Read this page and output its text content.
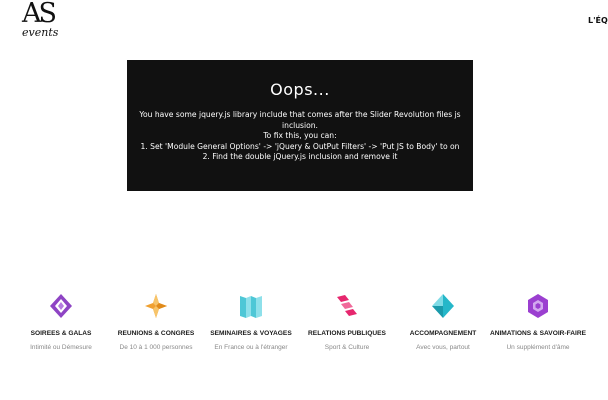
AS
events
L'ÉQ
Oops...
You have some jquery.js library include that comes after the Slider Revolution files js
inclusion.
To fix this, you can:
1. Set 'Module General Options' -> 'jQuery & OutPut Filters' -> 'Put JS to Body' to on
2. Find the double jQuery.js inclusion and remove it
SOIREES & GALAS
Intimité ou Démesure
REUNIONS & CONGRES
De 10 à 1 000 personnes
SEMINAIRES & VOYAGES
En France ou à l'étranger
RELATIONS PUBLIQUES
Sport & Culture
ACCOMPAGNEMENT
Avec vous, partout
ANIMATIONS & SAVOIR-FAIRE
Un supplément d'âme
